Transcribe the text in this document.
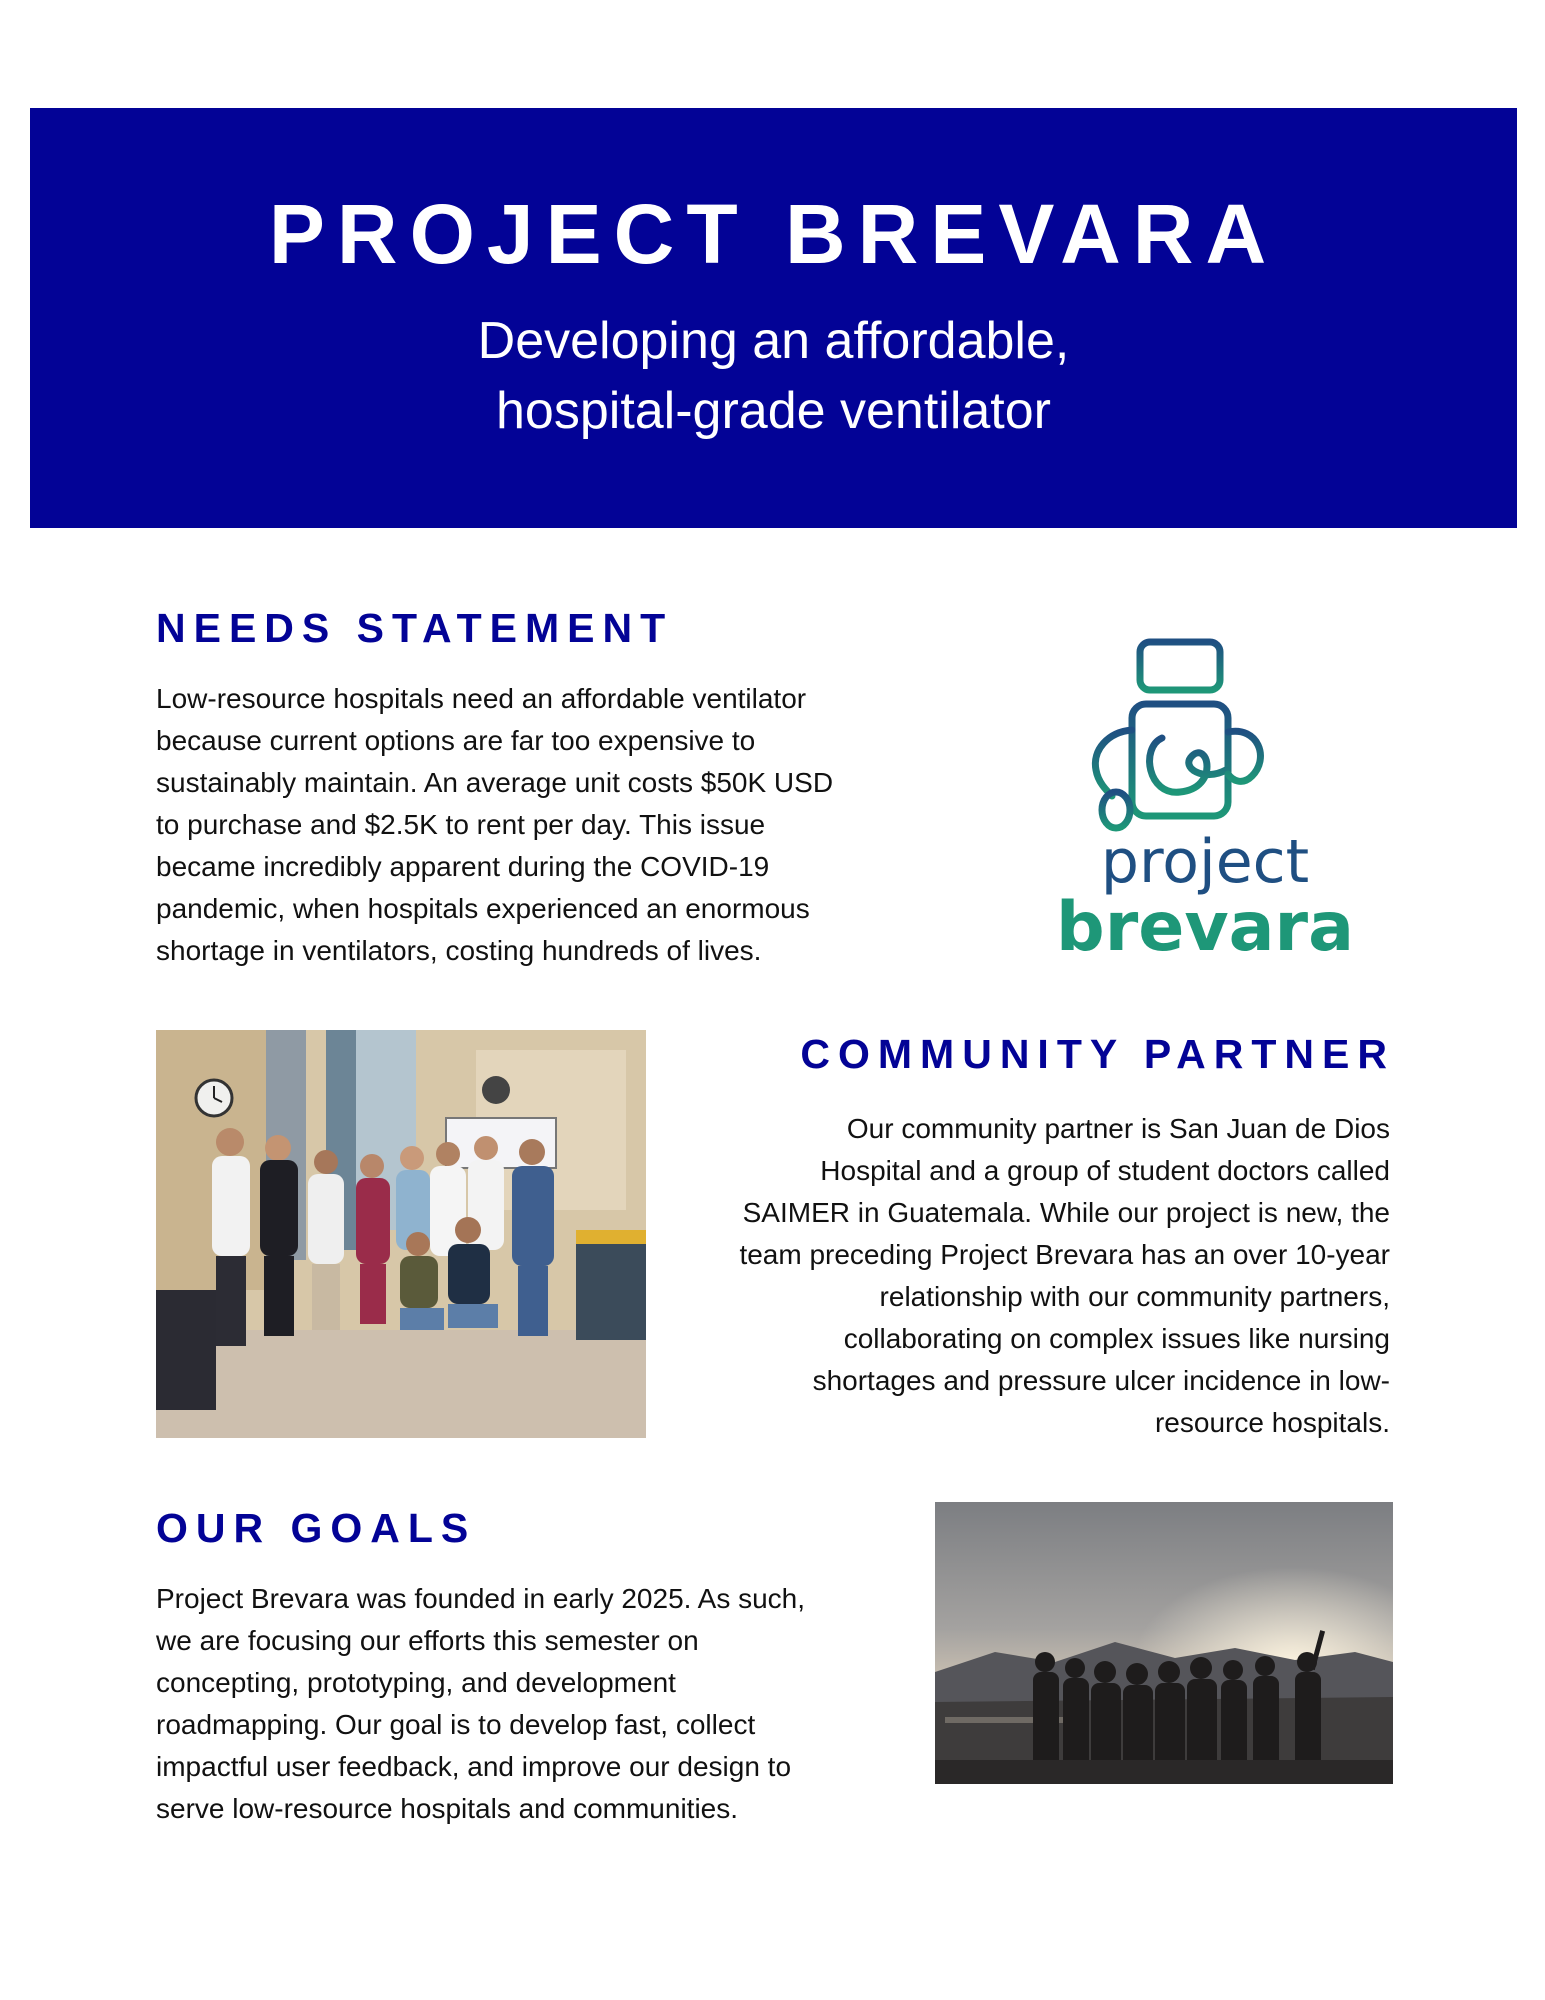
PROJECT BREVARA
Developing an affordable,
hospital-grade ventilator
NEEDS STATEMENT

Low-resource hospitals need an affordable ventilator
because current options are far too expensive to
sustainably maintain. An average unit costs $50K USD
to purchase and $2.5K to rent per day. This issue
became incredibly apparent during the COVID-19
pandemic, when hospitals experienced an enormous
shortage in ventilators, costing hundreds of lives.

project
brevara
COMMUNITY PARTNER

Our community partner is San Juan de Dios
Hospital and a group of student doctors called
SAIMER in Guatemala. While our project is new, the
team preceding Project Brevara has an over 10-year
relationship with our community partners,
collaborating on complex issues like nursing
shortages and pressure ulcer incidence in low-
resource hospitals.

OUR GOALS

Project Brevara was founded in early 2025. As such,
we are focusing our efforts this semester on
concepting, prototyping, and development
roadmapping. Our goal is to develop fast, collect
impactful user feedback, and improve our design to
serve low-resource hospitals and communities.
